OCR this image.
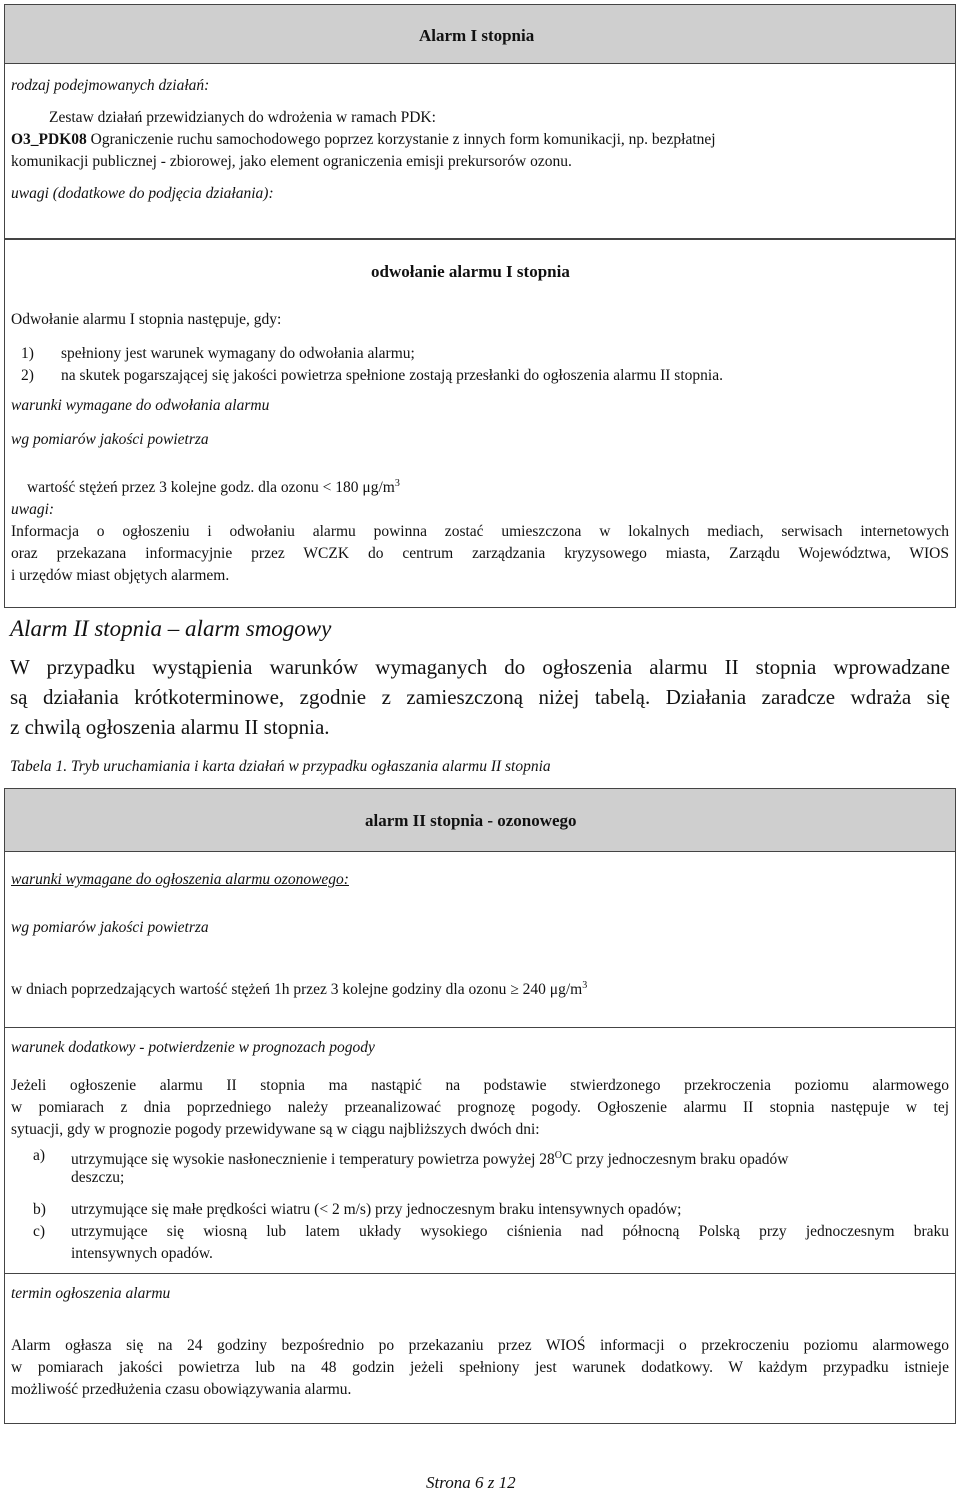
Alarm I stopnia
rodzaj podejmowanych działań:
Zestaw działań przewidzianych do wdrożenia w ramach PDK:
O3_PDK08 Ograniczenie ruchu samochodowego poprzez korzystanie z innych form komunikacji, np. bezpłatnej
komunikacji publicznej - zbiorowej, jako element ograniczenia emisji prekursorów ozonu.
uwagi (dodatkowe do podjęcia działania):
odwołanie alarmu I stopnia
Odwołanie alarmu I stopnia następuje, gdy:
1) spełniony jest warunek wymagany do odwołania alarmu;
2) na skutek pogarszającej się jakości powietrza spełnione zostają przesłanki do ogłoszenia alarmu II stopnia.
warunki wymagane do odwołania alarmu
wg pomiarów jakości powietrza
wartość stężeń przez 3 kolejne godz. dla ozonu < 180 $\mu g/m^3$
uwagi:
Informacja o ogłoszeniu i odwołaniu alarmu powinna zostać umieszczona w lokalnych mediach, serwisach internetowych
oraz przekazana informacyjnie przez WCZK do centrum zarządzania kryzysowego miasta, Zarządu Województwa, WIOS
i urzędów miast objętych alarmem.
Alarm II stopnia – alarm smogowy
W przypadku wystąpienia warunków wymaganych do ogłoszenia alarmu II stopnia wprowadzane
są działania krótkoterminowe, zgodnie z zamieszczoną niżej tabelą. Działania zaradcze wdraża się
z chwilą ogłoszenia alarmu II stopnia.
Tabela 1. Tryb uruchamiania i karta działań w przypadku ogłaszania alarmu II stopnia
alarm II stopnia - ozonowego
warunki wymagane do ogłoszenia alarmu ozonowego:
wg pomiarów jakości powietrza
w dniach poprzedzających wartość stężeń 1h przez 3 kolejne godziny dla ozonu ≥ 240 $\mu g/m^3$
warunek dodatkowy - potwierdzenie w prognozach pogody
Jeżeli ogłoszenie alarmu II stopnia ma nastąpić na podstawie stwierdzonego przekroczenia poziomu alarmowego
w pomiarach z dnia poprzedniego należy przeanalizować prognozę pogody. Ogłoszenie alarmu II stopnia następuje w tej
sytuacji, gdy w prognozie pogody przewidywane są w ciągu najbliższych dwóch dni:
a) utrzymujące się wysokie nasłonecznienie i temperatury powietrza powyżej $28^OC$ przy jednoczesnym braku opadów
deszczu;
b) utrzymujące się małe prędkości wiatru (< 2 m/s) przy jednoczesnym braku intensywnych opadów;
c) utrzymujące się wiosną lub latem układy wysokiego ciśnienia nad północną Polską przy jednoczesnym braku
intensywnych opadów.
termin ogłoszenia alarmu
Alarm ogłasza się na 24 godziny bezpośrednio po przekazaniu przez WIOŚ informacji o przekroczeniu poziomu alarmowego
w pomiarach jakości powietrza lub na 48 godzin jeżeli spełniony jest warunek dodatkowy. W każdym przypadku istnieje
możliwość przedłużenia czasu obowiązywania alarmu.
Strona 6 z 12
